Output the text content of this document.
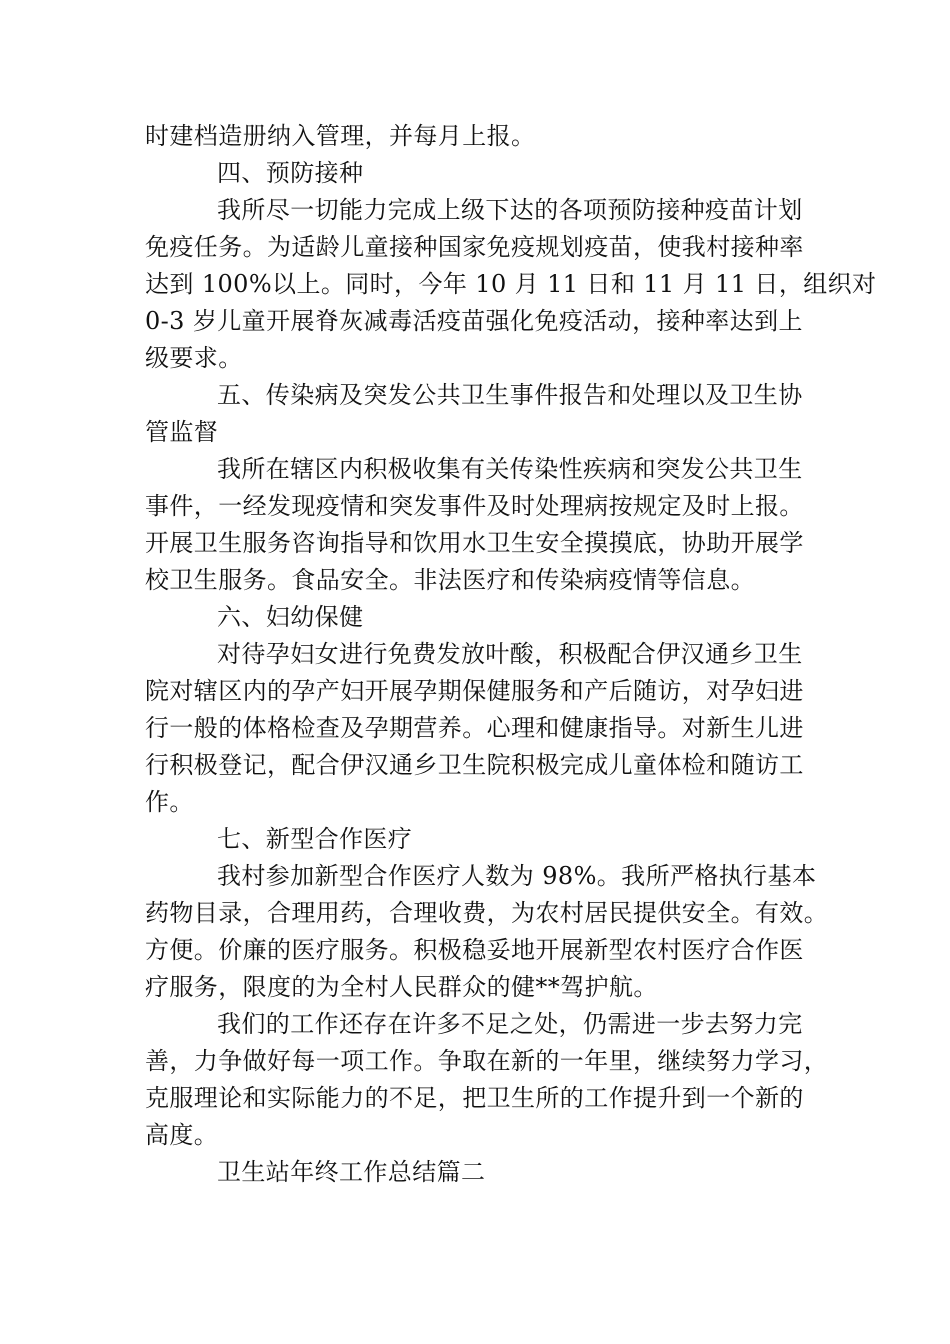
时建档造册纳入管理，并每月上报。
四、预防接种
我所尽一切能力完成上级下达的各项预防接种疫苗计划
免疫任务。为适龄儿童接种国家免疫规划疫苗，使我村接种率
达到 100%以上。同时，今年 10 月 11 日和 11 月 11 日，组织对
0-3 岁儿童开展脊灰减毒活疫苗强化免疫活动，接种率达到上
级要求。
五、传染病及突发公共卫生事件报告和处理以及卫生协
管监督
我所在辖区内积极收集有关传染性疾病和突发公共卫生
事件，一经发现疫情和突发事件及时处理病按规定及时上报。
开展卫生服务咨询指导和饮用水卫生安全摸摸底，协助开展学
校卫生服务。食品安全。非法医疗和传染病疫情等信息。
六、妇幼保健
对待孕妇女进行免费发放叶酸，积极配合伊汉通乡卫生
院对辖区内的孕产妇开展孕期保健服务和产后随访，对孕妇进
行一般的体格检查及孕期营养。心理和健康指导。对新生儿进
行积极登记，配合伊汉通乡卫生院积极完成儿童体检和随访工
作。
七、新型合作医疗
我村参加新型合作医疗人数为 98%。我所严格执行基本
药物目录，合理用药，合理收费，为农村居民提供安全。有效。
方便。价廉的医疗服务。积极稳妥地开展新型农村医疗合作医
疗服务，限度的为全村人民群众的健**驾护航。
我们的工作还存在许多不足之处，仍需进一步去努力完
善，力争做好每一项工作。争取在新的一年里，继续努力学习，
克服理论和实际能力的不足，把卫生所的工作提升到一个新的
高度。
卫生站年终工作总结篇二
